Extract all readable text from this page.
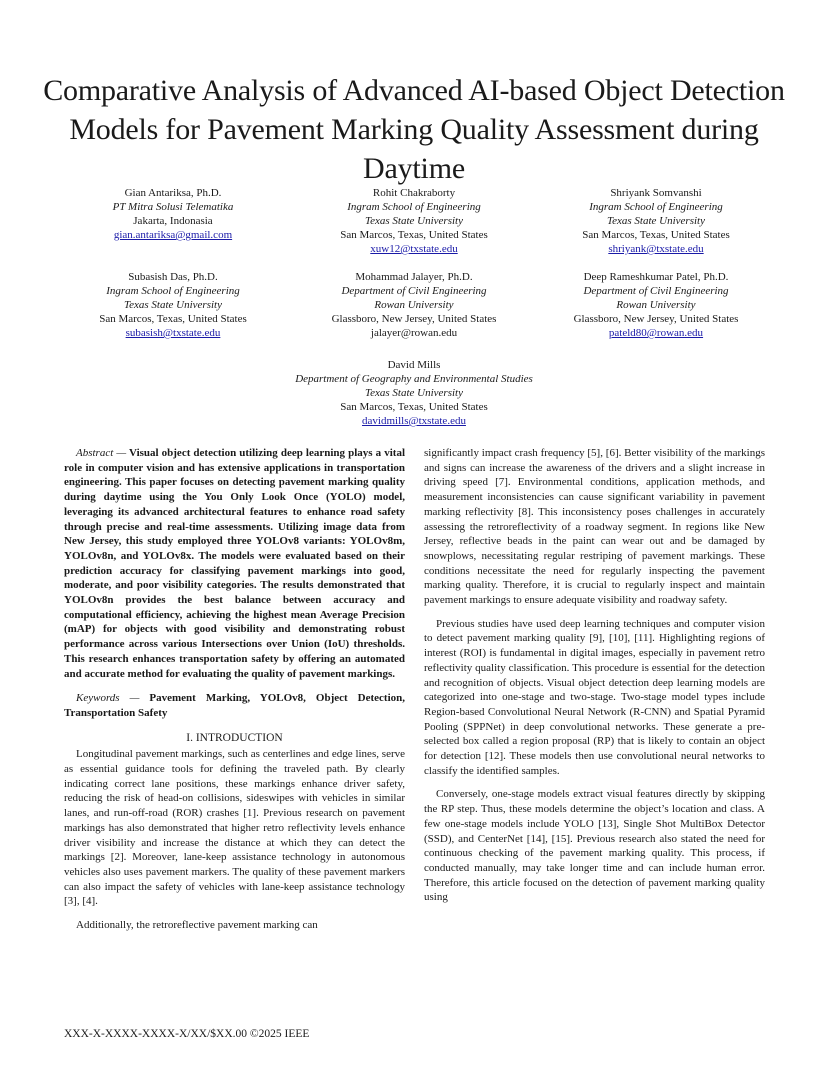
Comparative Analysis of Advanced AI-based Object Detection Models for Pavement Marking Quality Assessment during Daytime
Gian Antariksa, Ph.D.
PT Mitra Solusi Telematika
Jakarta, Indonasia
gian.antariksa@gmail.com
Rohit Chakraborty
Ingram School of Engineering
Texas State University
San Marcos, Texas, United States
xuw12@txstate.edu
Shriyank Somvanshi
Ingram School of Engineering
Texas State University
San Marcos, Texas, United States
shriyank@txstate.edu
Subasish Das, Ph.D.
Ingram School of Engineering
Texas State University
San Marcos, Texas, United States
subasish@txstate.edu
Mohammad Jalayer, Ph.D.
Department of Civil Engineering
Rowan University
Glassboro, New Jersey, United States
jalayer@rowan.edu
Deep Rameshkumar Patel, Ph.D.
Department of Civil Engineering
Rowan University
Glassboro, New Jersey, United States
pateld80@rowan.edu
David Mills
Department of Geography and Environmental Studies
Texas State University
San Marcos, Texas, United States
davidmills@txstate.edu

Abstract — Visual object detection utilizing deep learning plays a vital role in computer vision and has extensive applications in transportation engineering. This paper focuses on detecting pavement marking quality during daytime using the You Only Look Once (YOLO) model, leveraging its advanced architectural features to enhance road safety through precise and real-time assessments. Utilizing image data from New Jersey, this study employed three YOLOv8 variants: YOLOv8m, YOLOv8n, and YOLOv8x. The models were evaluated based on their prediction accuracy for classifying pavement markings into good, moderate, and poor visibility categories. The results demonstrated that YOLOv8n provides the best balance between accuracy and computational efficiency, achieving the highest mean Average Precision (mAP) for objects with good visibility and demonstrating robust performance across various Intersections over Union (IoU) thresholds. This research enhances transportation safety by offering an automated and accurate method for evaluating the quality of pavement markings.

Keywords — Pavement Marking, YOLOv8, Object Detection, Transportation Safety

I. INTRODUCTION

Longitudinal pavement markings, such as centerlines and edge lines, serve as essential guidance tools for defining the traveled path. By clearly indicating correct lane positions, these markings enhance driver safety, reducing the risk of head-on collisions, sideswipes with vehicles in similar lanes, and run-off-road (ROR) crashes [1]. Previous research on pavement markings has also demonstrated that higher retro reflectivity levels enhance driver visibility and increase the distance at which they can detect the markings [2]. Moreover, lane-keep assistance technology in autonomous vehicles also uses pavement markers. The quality of these pavement markers can also impact the safety of vehicles with lane-keep assistance technology [3], [4].

Additionally, the retroreflective pavement marking can

significantly impact crash frequency [5], [6]. Better visibility of the markings and signs can increase the awareness of the drivers and a slight increase in driving speed [7]. Environmental conditions, application methods, and measurement inconsistencies can cause significant variability in pavement marking reflectivity [8]. This inconsistency poses challenges in accurately assessing the retroreflectivity of a roadway segment. In regions like New Jersey, reflective beads in the paint can wear out and be damaged by snowplows, necessitating regular restriping of pavement markings. These conditions necessitate the need for regularly inspecting the pavement marking quality. Therefore, it is crucial to regularly inspect and maintain pavement markings to ensure adequate visibility and roadway safety.

Previous studies have used deep learning techniques and computer vision to detect pavement marking quality [9], [10], [11]. Highlighting regions of interest (ROI) is fundamental in digital images, especially in pavement retro reflectivity quality classification. This procedure is essential for the detection and recognition of objects. Visual object detection deep learning models are categorized into one-stage and two-stage. Two-stage model types include Region-based Convolutional Neural Network (R-CNN) and Spatial Pyramid Pooling (SPPNet) in deep convolutional networks. These generate a pre-selected box called a region proposal (RP) that is likely to contain an object for detection [12]. These models then use convolutional neural networks to classify the identified samples.

Conversely, one-stage models extract visual features directly by skipping the RP step. Thus, these models determine the object’s location and class. A few one-stage models include YOLO [13], Single Shot MultiBox Detector (SSD), and CenterNet [14], [15]. Previous research also stated the need for continuous checking of the pavement marking quality. This process, if conducted manually, may take longer time and can include human error. Therefore, this article focused on the detection of pavement marking quality using

XXX-X-XXXX-XXXX-X/XX/$XX.00 ©2025 IEEE
